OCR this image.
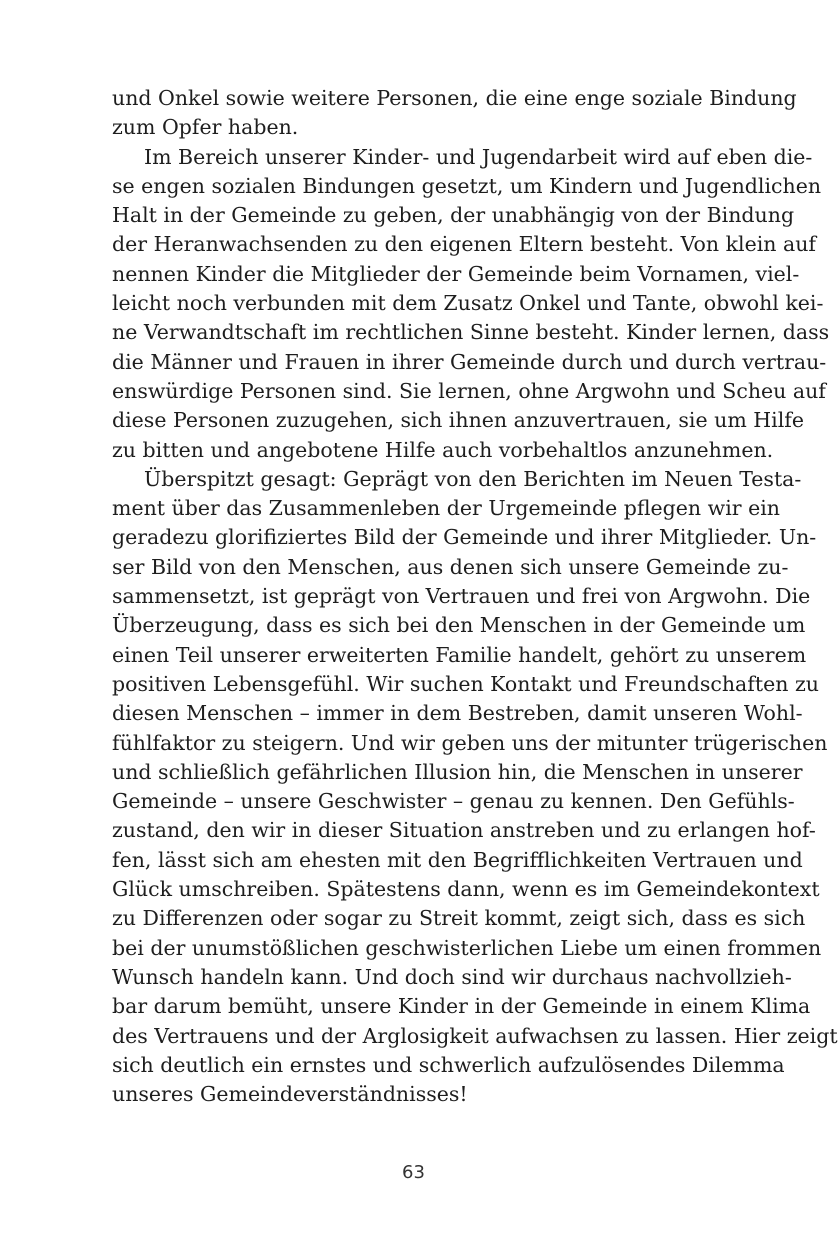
und Onkel sowie weitere Personen, die eine enge soziale Bindung
zum Opfer haben.
Im Bereich unserer Kinder- und Jugendarbeit wird auf eben die-
se engen sozialen Bindungen gesetzt, um Kindern und Jugendlichen
Halt in der Gemeinde zu geben, der unabhängig von der Bindung
der Heranwachsenden zu den eigenen Eltern besteht. Von klein auf
nennen Kinder die Mitglieder der Gemeinde beim Vornamen, viel-
leicht noch verbunden mit dem Zusatz Onkel und Tante, obwohl kei-
ne Verwandtschaft im rechtlichen Sinne besteht. Kinder lernen, dass
die Männer und Frauen in ihrer Gemeinde durch und durch vertrau-
enswürdige Personen sind. Sie lernen, ohne Argwohn und Scheu auf
diese Personen zuzugehen, sich ihnen anzuvertrauen, sie um Hilfe
zu bitten und angebotene Hilfe auch vorbehaltlos anzunehmen.
Überspitzt gesagt: Geprägt von den Berichten im Neuen Testa-
ment über das Zusammenleben der Urgemeinde pflegen wir ein
geradezu glorifiziertes Bild der Gemeinde und ihrer Mitglieder. Un-
ser Bild von den Menschen, aus denen sich unsere Gemeinde zu-
sammensetzt, ist geprägt von Vertrauen und frei von Argwohn. Die
Überzeugung, dass es sich bei den Menschen in der Gemeinde um
einen Teil unserer erweiterten Familie handelt, gehört zu unserem
positiven Lebensgefühl. Wir suchen Kontakt und Freundschaften zu
diesen Menschen – immer in dem Bestreben, damit unseren Wohl-
fühlfaktor zu steigern. Und wir geben uns der mitunter trügerischen
und schließlich gefährlichen Illusion hin, die Menschen in unserer
Gemeinde – unsere Geschwister – genau zu kennen. Den Gefühls-
zustand, den wir in dieser Situation anstreben und zu erlangen hof-
fen, lässt sich am ehesten mit den Begrifflichkeiten Vertrauen und
Glück umschreiben. Spätestens dann, wenn es im Gemeindekontext
zu Differenzen oder sogar zu Streit kommt, zeigt sich, dass es sich
bei der unumstößlichen geschwisterlichen Liebe um einen frommen
Wunsch handeln kann. Und doch sind wir durchaus nachvollzieh-
bar darum bemüht, unsere Kinder in der Gemeinde in einem Klima
des Vertrauens und der Arglosigkeit aufwachsen zu lassen. Hier zeigt
sich deutlich ein ernstes und schwerlich aufzulösendes Dilemma
unseres Gemeindeverständnisses!
63
